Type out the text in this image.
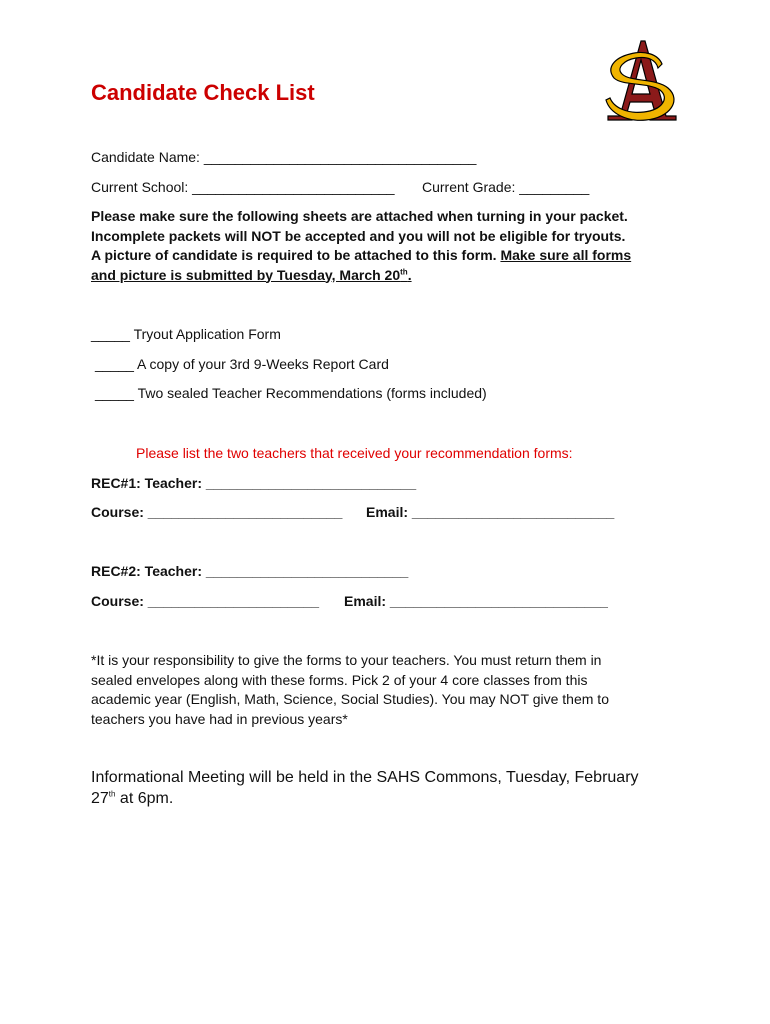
Candidate Check List
Candidate Name: ___________________________________
Current School: __________________________ Current Grade: _________
Please make sure the following sheets are attached when turning in your packet.
Incomplete packets will NOT be accepted and you will not be eligible for tryouts.
A picture of candidate is required to be attached to this form. Make sure all forms
and picture is submitted by Tuesday, March 20th.
_____ Tryout Application Form
_____ A copy of your 3rd 9-Weeks Report Card
_____ Two sealed Teacher Recommendations (forms included)
Please list the two teachers that received your recommendation forms:
REC#1: Teacher: ___________________________
Course: _________________________ Email: __________________________
REC#2: Teacher: __________________________
Course: ______________________ Email: ____________________________
*It is your responsibility to give the forms to your teachers. You must return them in
sealed envelopes along with these forms. Pick 2 of your 4 core classes from this
academic year (English, Math, Science, Social Studies). You may NOT give them to
teachers you have had in previous years*
Informational Meeting will be held in the SAHS Commons, Tuesday, February
27th at 6pm.
